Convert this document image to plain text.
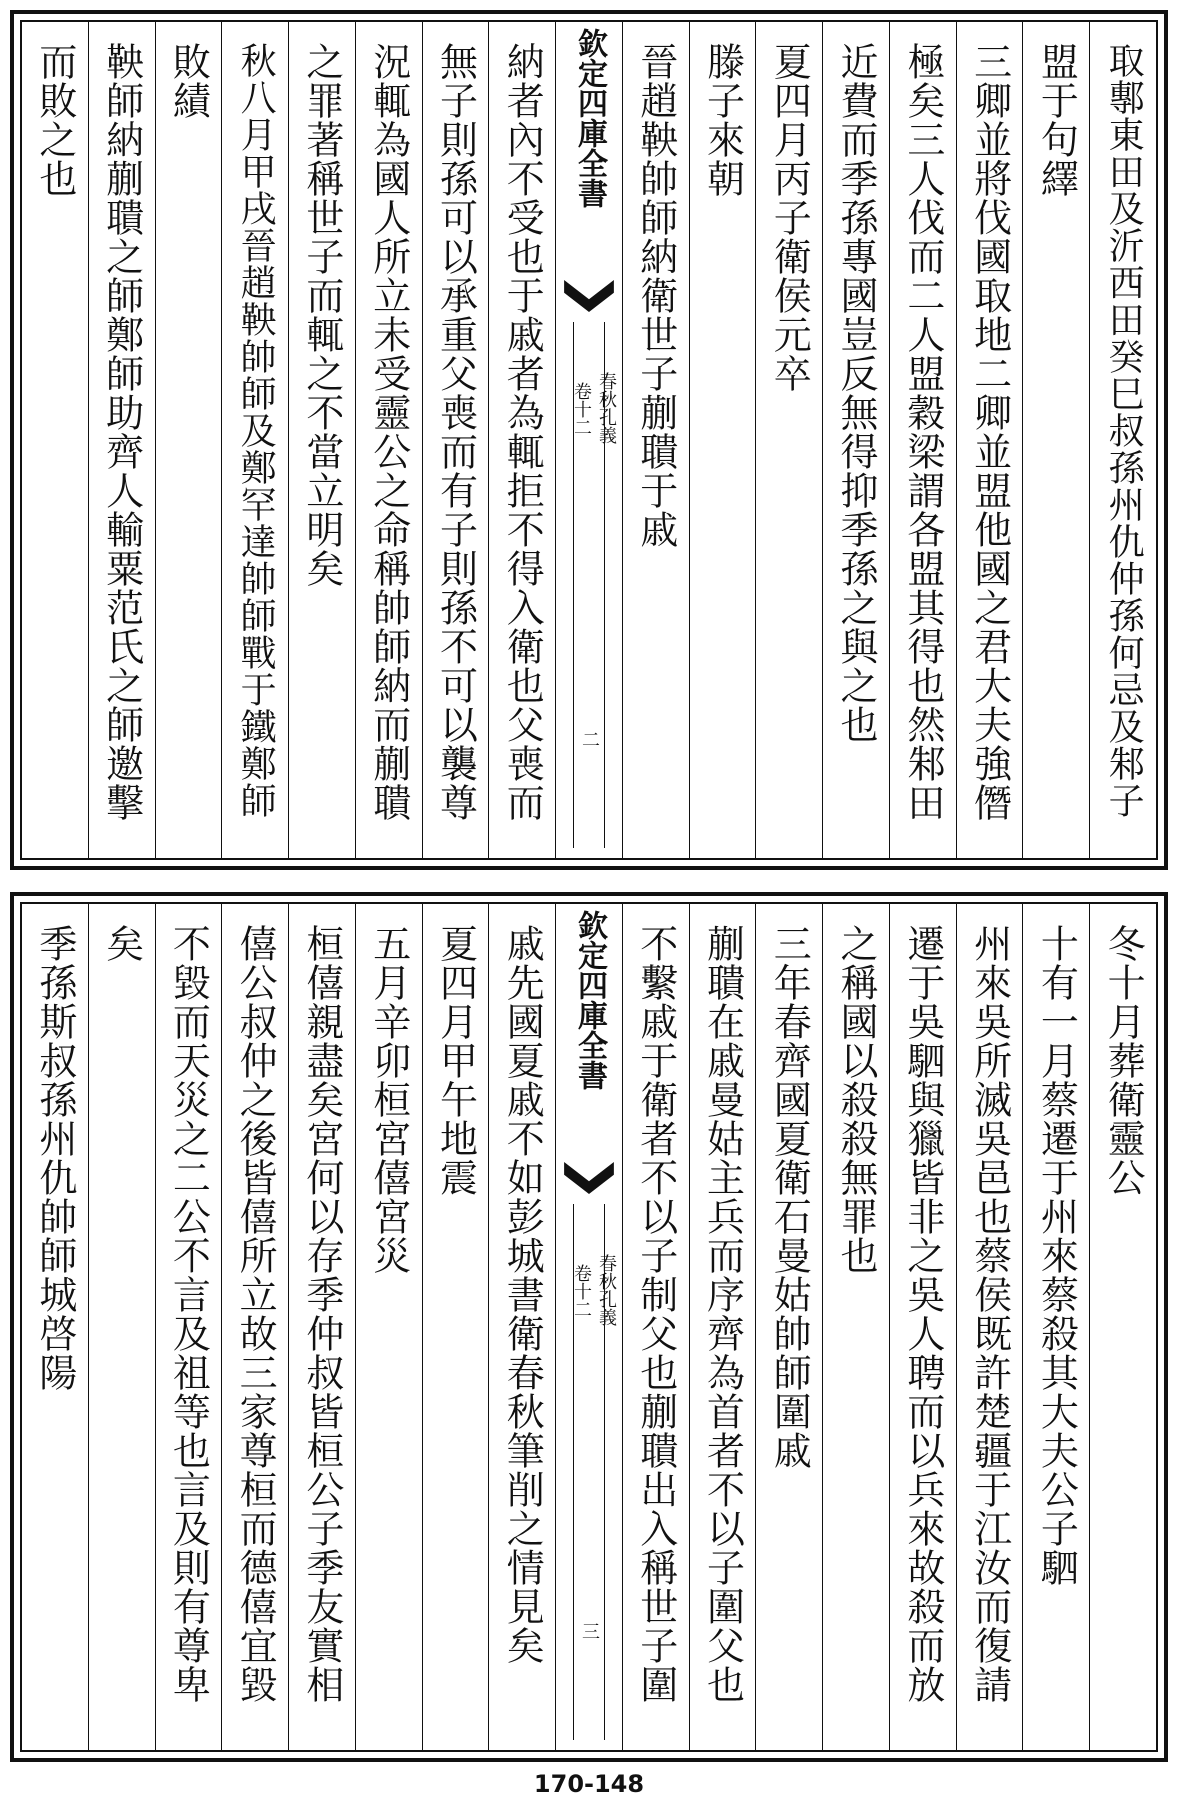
取鄟東田及沂西田癸巳叔孫州仇仲孫何忌及邾子
盟于句繹
三卿並將伐國取地二卿並盟他國之君大夫強僭
極矣三人伐而二人盟穀梁謂各盟其得也然邾田
近費而季孫專國豈反無得抑季孫之與之也
夏四月丙子衛侯元卒
滕子來朝
晉趙鞅帥師納衛世子蒯聵于戚
欽定四庫全書
春秋孔義
卷十二
二
納者內不受也于戚者為輒拒不得入衛也父喪而
無子則孫可以承重父喪而有子則孫不可以襲尊
況輒為國人所立未受靈公之命稱帥師納而蒯聵
之罪著稱世子而輒之不當立明矣
秋八月甲戌晉趙鞅帥師及鄭罕達帥師戰于鐵鄭師
敗績
鞅師納蒯聵之師鄭師助齊人輸粟范氏之師邀擊
而敗之也
冬十月葬衛靈公
十有一月蔡遷于州來蔡殺其大夫公子駟
州來吳所滅吳邑也蔡侯既許楚疆于江汝而復請
遷于吳駟與獵皆非之吳人聘而以兵來故殺而放
之稱國以殺殺無罪也
三年春齊國夏衛石曼姑帥師圍戚
蒯聵在戚曼姑主兵而序齊為首者不以子圍父也
不繫戚于衛者不以子制父也蒯聵出入稱世子圍
欽定四庫全書
春秋孔義
卷十二
三
戚先國夏戚不如彭城書衛春秋筆削之情見矣
夏四月甲午地震
五月辛卯桓宮僖宮災
桓僖親盡矣宮何以存季仲叔皆桓公子季友實相
僖公叔仲之後皆僖所立故三家尊桓而德僖宜毀
不毀而天災之二公不言及祖等也言及則有尊卑
矣
季孫斯叔孫州仇帥師城啓陽
170-148
